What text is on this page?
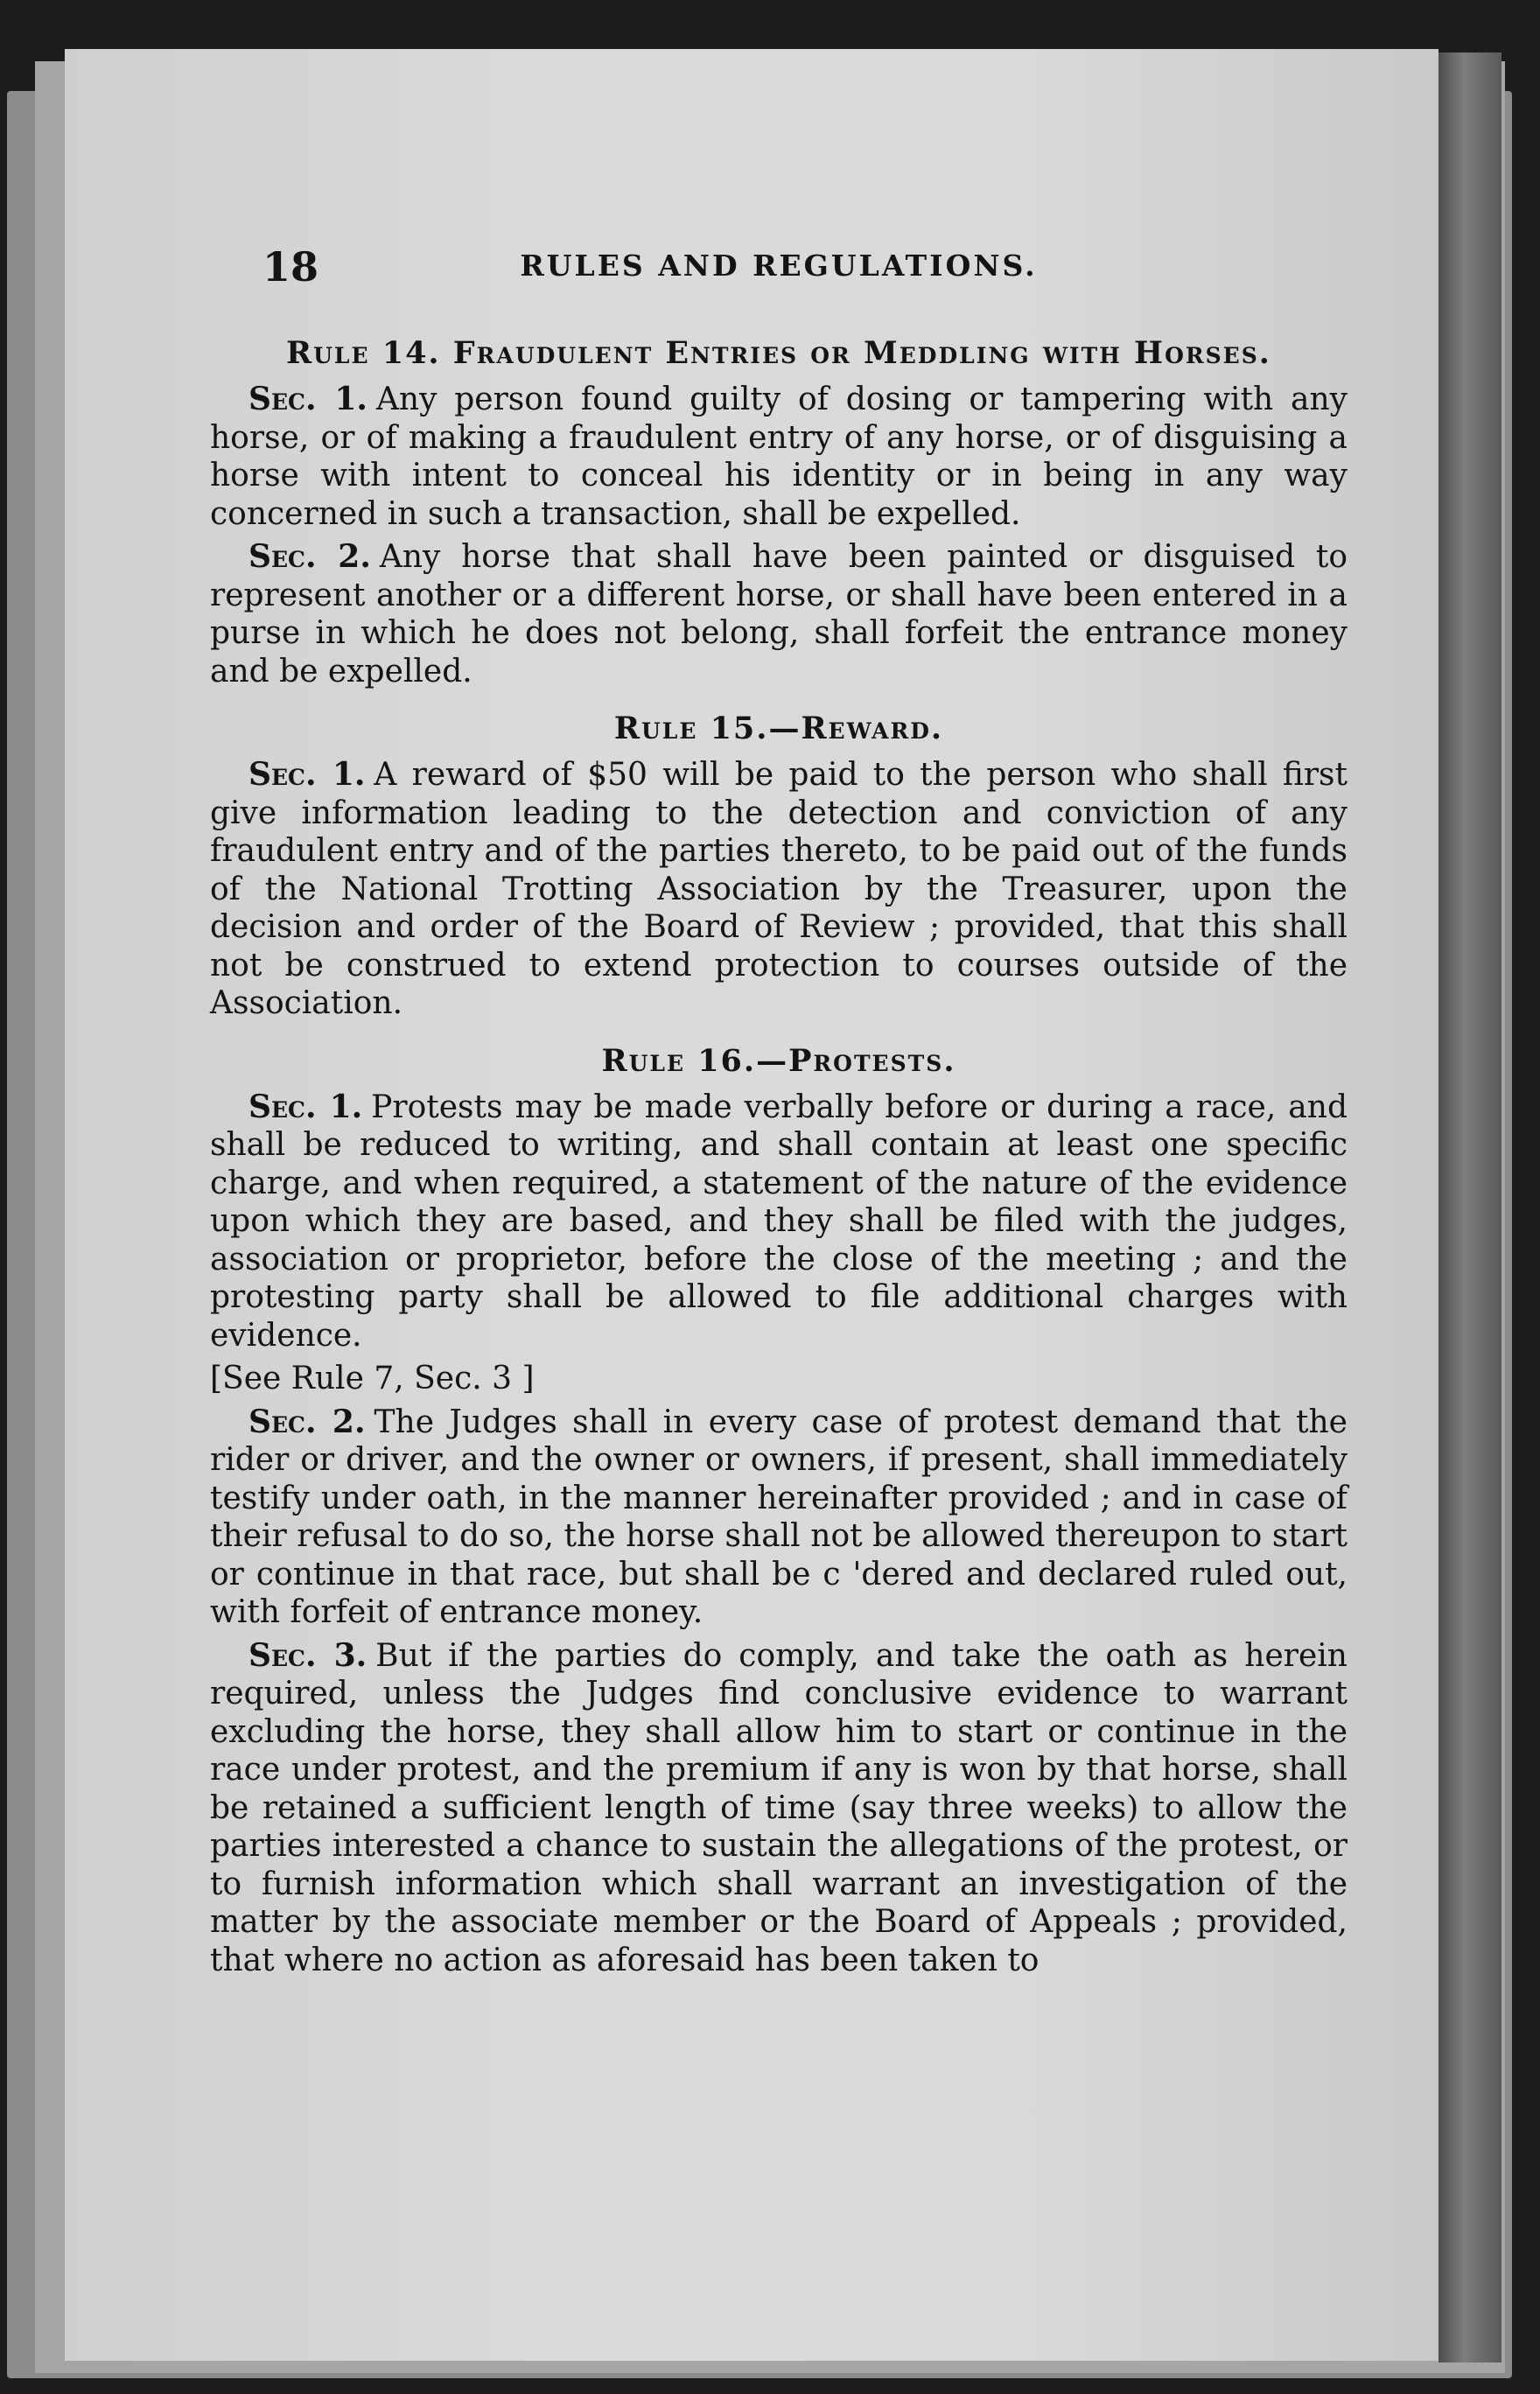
18	RULES AND REGULATIONS.
Rule 14. Fraudulent Entries or Meddling with Horses.

Sec. 1. Any person found guilty of dosing or tampering with any horse, or of making a fraudulent entry of any horse, or of disguising a horse with intent to conceal his identity or in being in any way concerned in such a transaction, shall be expelled.

Sec. 2. Any horse that shall have been painted or disguised to represent another or a different horse, or shall have been entered in a purse in which he does not belong, shall forfeit the entrance money and be expelled.

Rule 15.—Reward.

Sec. 1. A reward of $50 will be paid to the person who shall first give information leading to the detection and conviction of any fraudulent entry and of the parties thereto, to be paid out of the funds of the National Trotting Association by the Treasurer, upon the decision and order of the Board of Review ; provided, that this shall not be construed to extend protection to courses outside of the Association.

Rule 16.—Protests.

Sec. 1. Protests may be made verbally before or during a race, and shall be reduced to writing, and shall contain at least one specific charge, and when required, a statement of the nature of the evidence upon which they are based, and they shall be filed with the judges, association or proprietor, before the close of the meeting ; and the protesting party shall be allowed to file additional charges with evidence.

[See Rule 7, Sec. 3 ]

Sec. 2. The Judges shall in every case of protest demand that the rider or driver, and the owner or owners, if present, shall immediately testify under oath, in the manner hereinafter provided ; and in case of their refusal to do so, the horse shall not be allowed thereupon to start or continue in that race, but shall be c 'dered and declared ruled out, with forfeit of entrance money.

Sec. 3. But if the parties do comply, and take the oath as herein required, unless the Judges find conclusive evidence to warrant excluding the horse, they shall allow him to start or continue in the race under protest, and the premium if any is won by that horse, shall be retained a sufficient length of time (say three weeks) to allow the parties interested a chance to sustain the allegations of the protest, or to furnish information which shall warrant an investigation of the matter by the associate member or the Board of Appeals ; provided, that where no action as aforesaid has been taken to
